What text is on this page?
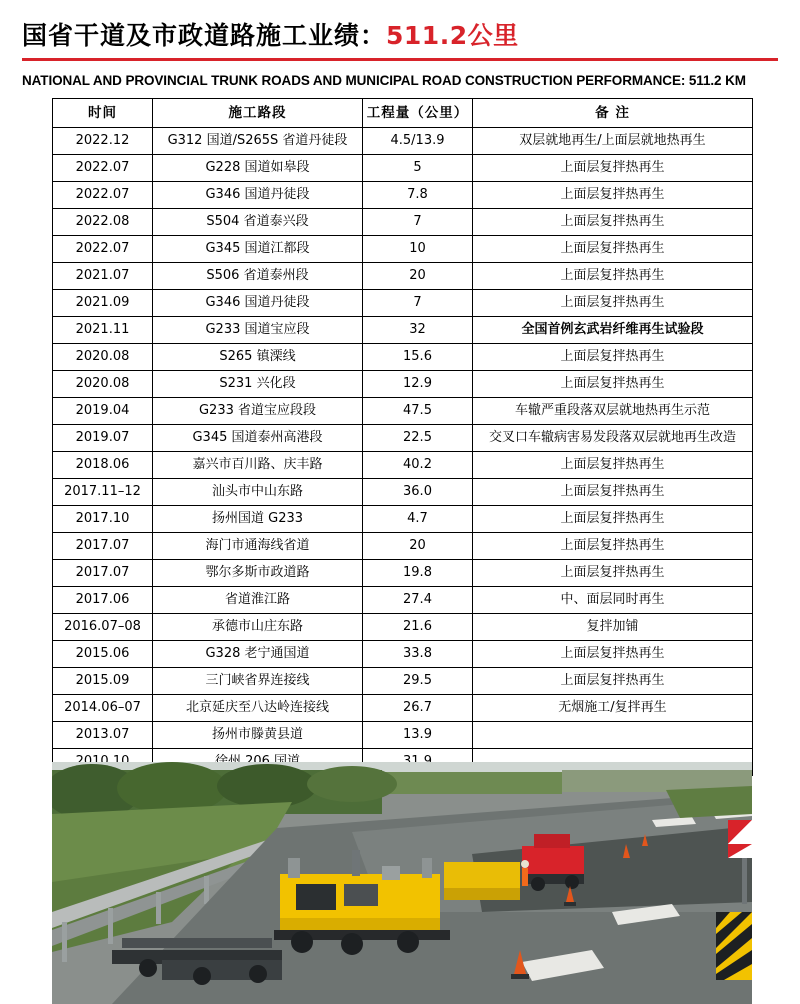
国省干道及市政道路施工业绩： 511.2公里
NATIONAL AND PROVINCIAL TRUNK ROADS AND MUNICIPAL ROAD CONSTRUCTION PERFORMANCE: 511.2 KM
时间	施工路段	工程量（公里）	备 注
2022.12	G312 国道/S265S 省道丹徒段	4.5/13.9	双层就地再生/上面层就地热再生
2022.07	G228 国道如皋段	5	上面层复拌热再生
2022.07	G346 国道丹徒段	7.8	上面层复拌热再生
2022.08	S504 省道泰兴段	7	上面层复拌热再生
2022.07	G345 国道江都段	10	上面层复拌热再生
2021.07	S506 省道泰州段	20	上面层复拌热再生
2021.09	G346 国道丹徒段	7	上面层复拌热再生
2021.11	G233 国道宝应段	32	全国首例玄武岩纤维再生试验段
2020.08	S265 镇溧线	15.6	上面层复拌热再生
2020.08	S231 兴化段	12.9	上面层复拌热再生
2019.04	G233 省道宝应段段	47.5	车辙严重段落双层就地热再生示范
2019.07	G345 国道泰州高港段	22.5	交叉口车辙病害易发段落双层就地再生改造
2018.06	嘉兴市百川路、庆丰路	40.2	上面层复拌热再生
2017.11–12	汕头市中山东路	36.0	上面层复拌热再生
2017.10	扬州国道 G233	4.7	上面层复拌热再生
2017.07	海门市通海线省道	20	上面层复拌热再生
2017.07	鄂尔多斯市政道路	19.8	上面层复拌热再生
2017.06	省道淮江路	27.4	中、面层同时再生
2016.07–08	承德市山庄东路	21.6	复拌加铺
2015.06	G328 老宁通国道	33.8	上面层复拌热再生
2015.09	三门峡省界连接线	29.5	上面层复拌热再生
2014.06–07	北京延庆至八达岭连接线	26.7	无烟施工/复拌再生
2013.07	扬州市滕黄县道	13.9	
